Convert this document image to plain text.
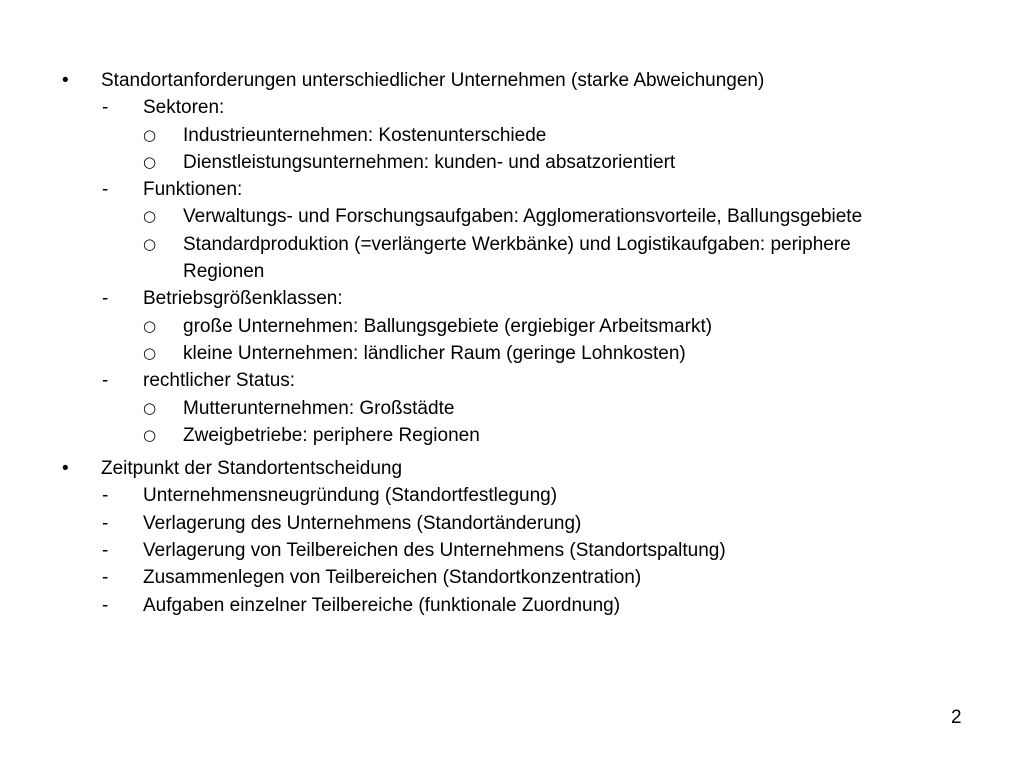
• Standortanforderungen unterschiedlicher Unternehmen (starke Abweichungen)
- Sektoren:
○ Industrieunternehmen: Kostenunterschiede
○ Dienstleistungsunternehmen: kunden- und absatzorientiert
- Funktionen:
○ Verwaltungs- und Forschungsaufgaben: Agglomerationsvorteile, Ballungsgebiete
○ Standardproduktion (=verlängerte Werkbänke) und Logistikaufgaben: periphere Regionen
- Betriebsgrößenklassen:
○ große Unternehmen: Ballungsgebiete (ergiebiger Arbeitsmarkt)
○ kleine Unternehmen: ländlicher Raum (geringe Lohnkosten)
- rechtlicher Status:
○ Mutterunternehmen: Großstädte
○ Zweigbetriebe: periphere Regionen
• Zeitpunkt der Standortentscheidung
- Unternehmensneugründung (Standortfestlegung)
- Verlagerung des Unternehmens (Standortänderung)
- Verlagerung von Teilbereichen des Unternehmens (Standortspaltung)
- Zusammenlegen von Teilbereichen (Standortkonzentration)
- Aufgaben einzelner Teilbereiche (funktionale Zuordnung)
2
